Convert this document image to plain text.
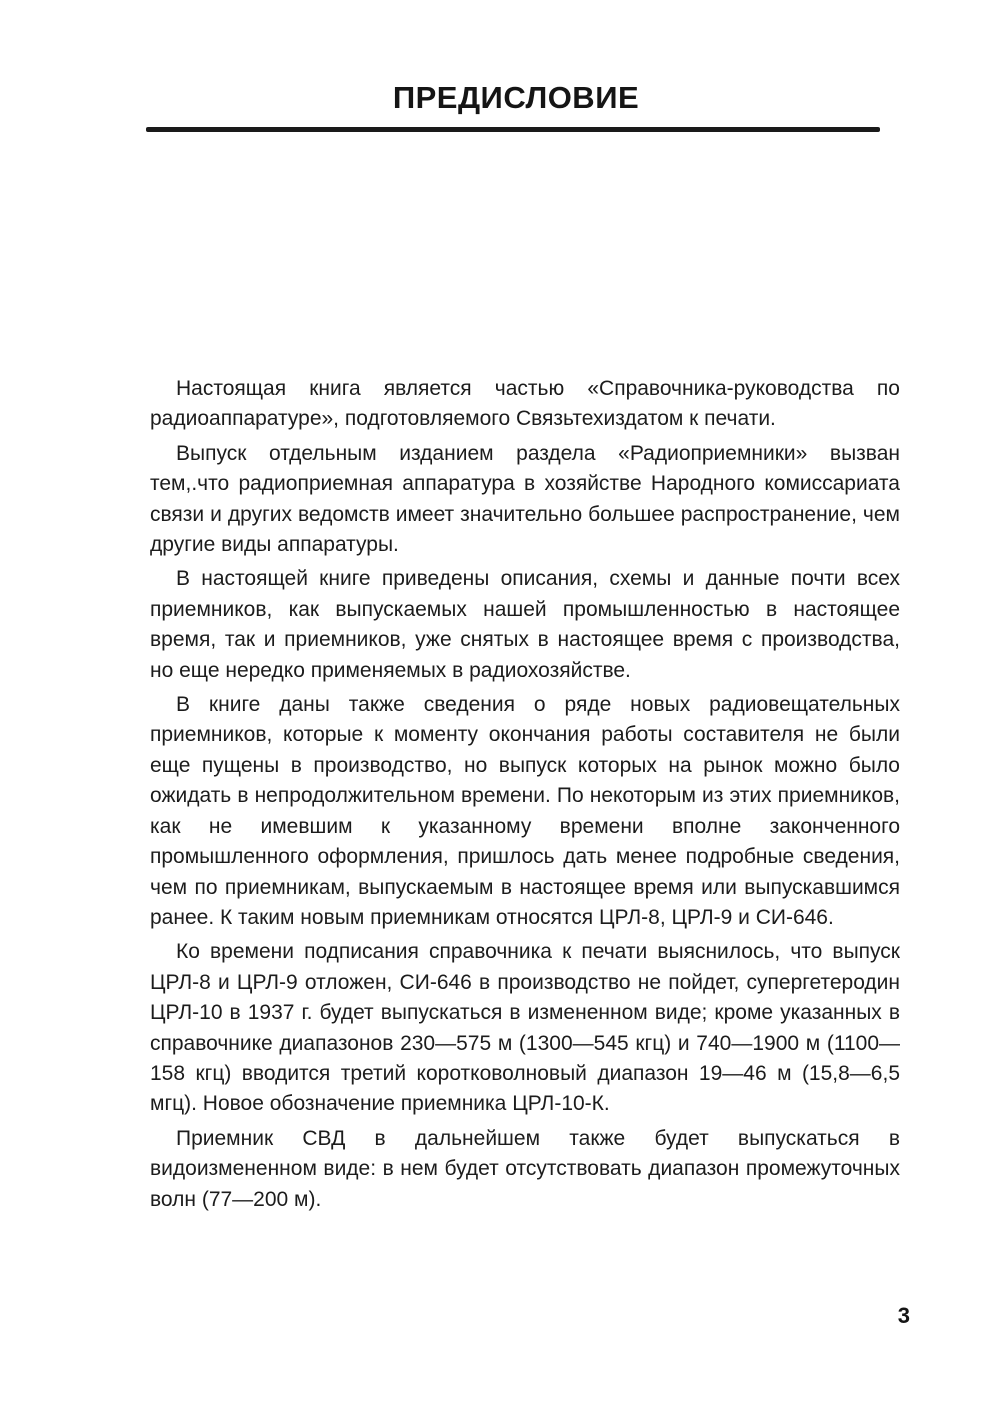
ПРЕДИСЛОВИЕ

Настоящая книга является частью «Справочника-руководства по радиоаппаратуре», подготовляемого Связьтехиздатом к печати.

Выпуск отдельным изданием раздела «Радиоприемники» вызван тем,.что радиоприемная аппаратура в хозяйстве Народного комиссариата связи и других ведомств имеет значительно большее распространение, чем другие виды аппаратуры.

В настоящей книге приведены описания, схемы и данные почти всех приемников, как выпускаемых нашей промышленностью в настоящее время, так и приемников, уже снятых в настоящее время с производства, но еще нередко применяемых в радиохозяйстве.

В книге даны также сведения о ряде новых радиовещательных приемников, которые к моменту окончания работы составителя не были еще пущены в производство, но выпуск которых на рынок можно было ожидать в непродолжительном времени. По некоторым из этих приемников, как не имевшим к указанному времени вполне законченного промышленного оформления, пришлось дать менее подробные сведения, чем по приемникам, выпускаемым в настоящее время или выпускавшимся ранее. К таким новым приемникам относятся ЦРЛ-8, ЦРЛ-9 и СИ-646.

Ко времени подписания справочника к печати выяснилось, что выпуск ЦРЛ-8 и ЦРЛ-9 отложен, СИ-646 в производство не пойдет, супергетеродин ЦРЛ-10 в 1937 г. будет выпускаться в измененном виде; кроме указанных в справочнике диапазонов 230—575 м (1300—545 кгц) и 740—1900 м (1100—158 кгц) вводится третий коротковолновый диапазон 19—46 м (15,8—6,5 мгц). Новое обозначение приемника ЦРЛ-10-К.

Приемник СВД в дальнейшем также будет выпускаться в видоизмененном виде: в нем будет отсутствовать диапазон промежуточных волн (77—200 м).

3
